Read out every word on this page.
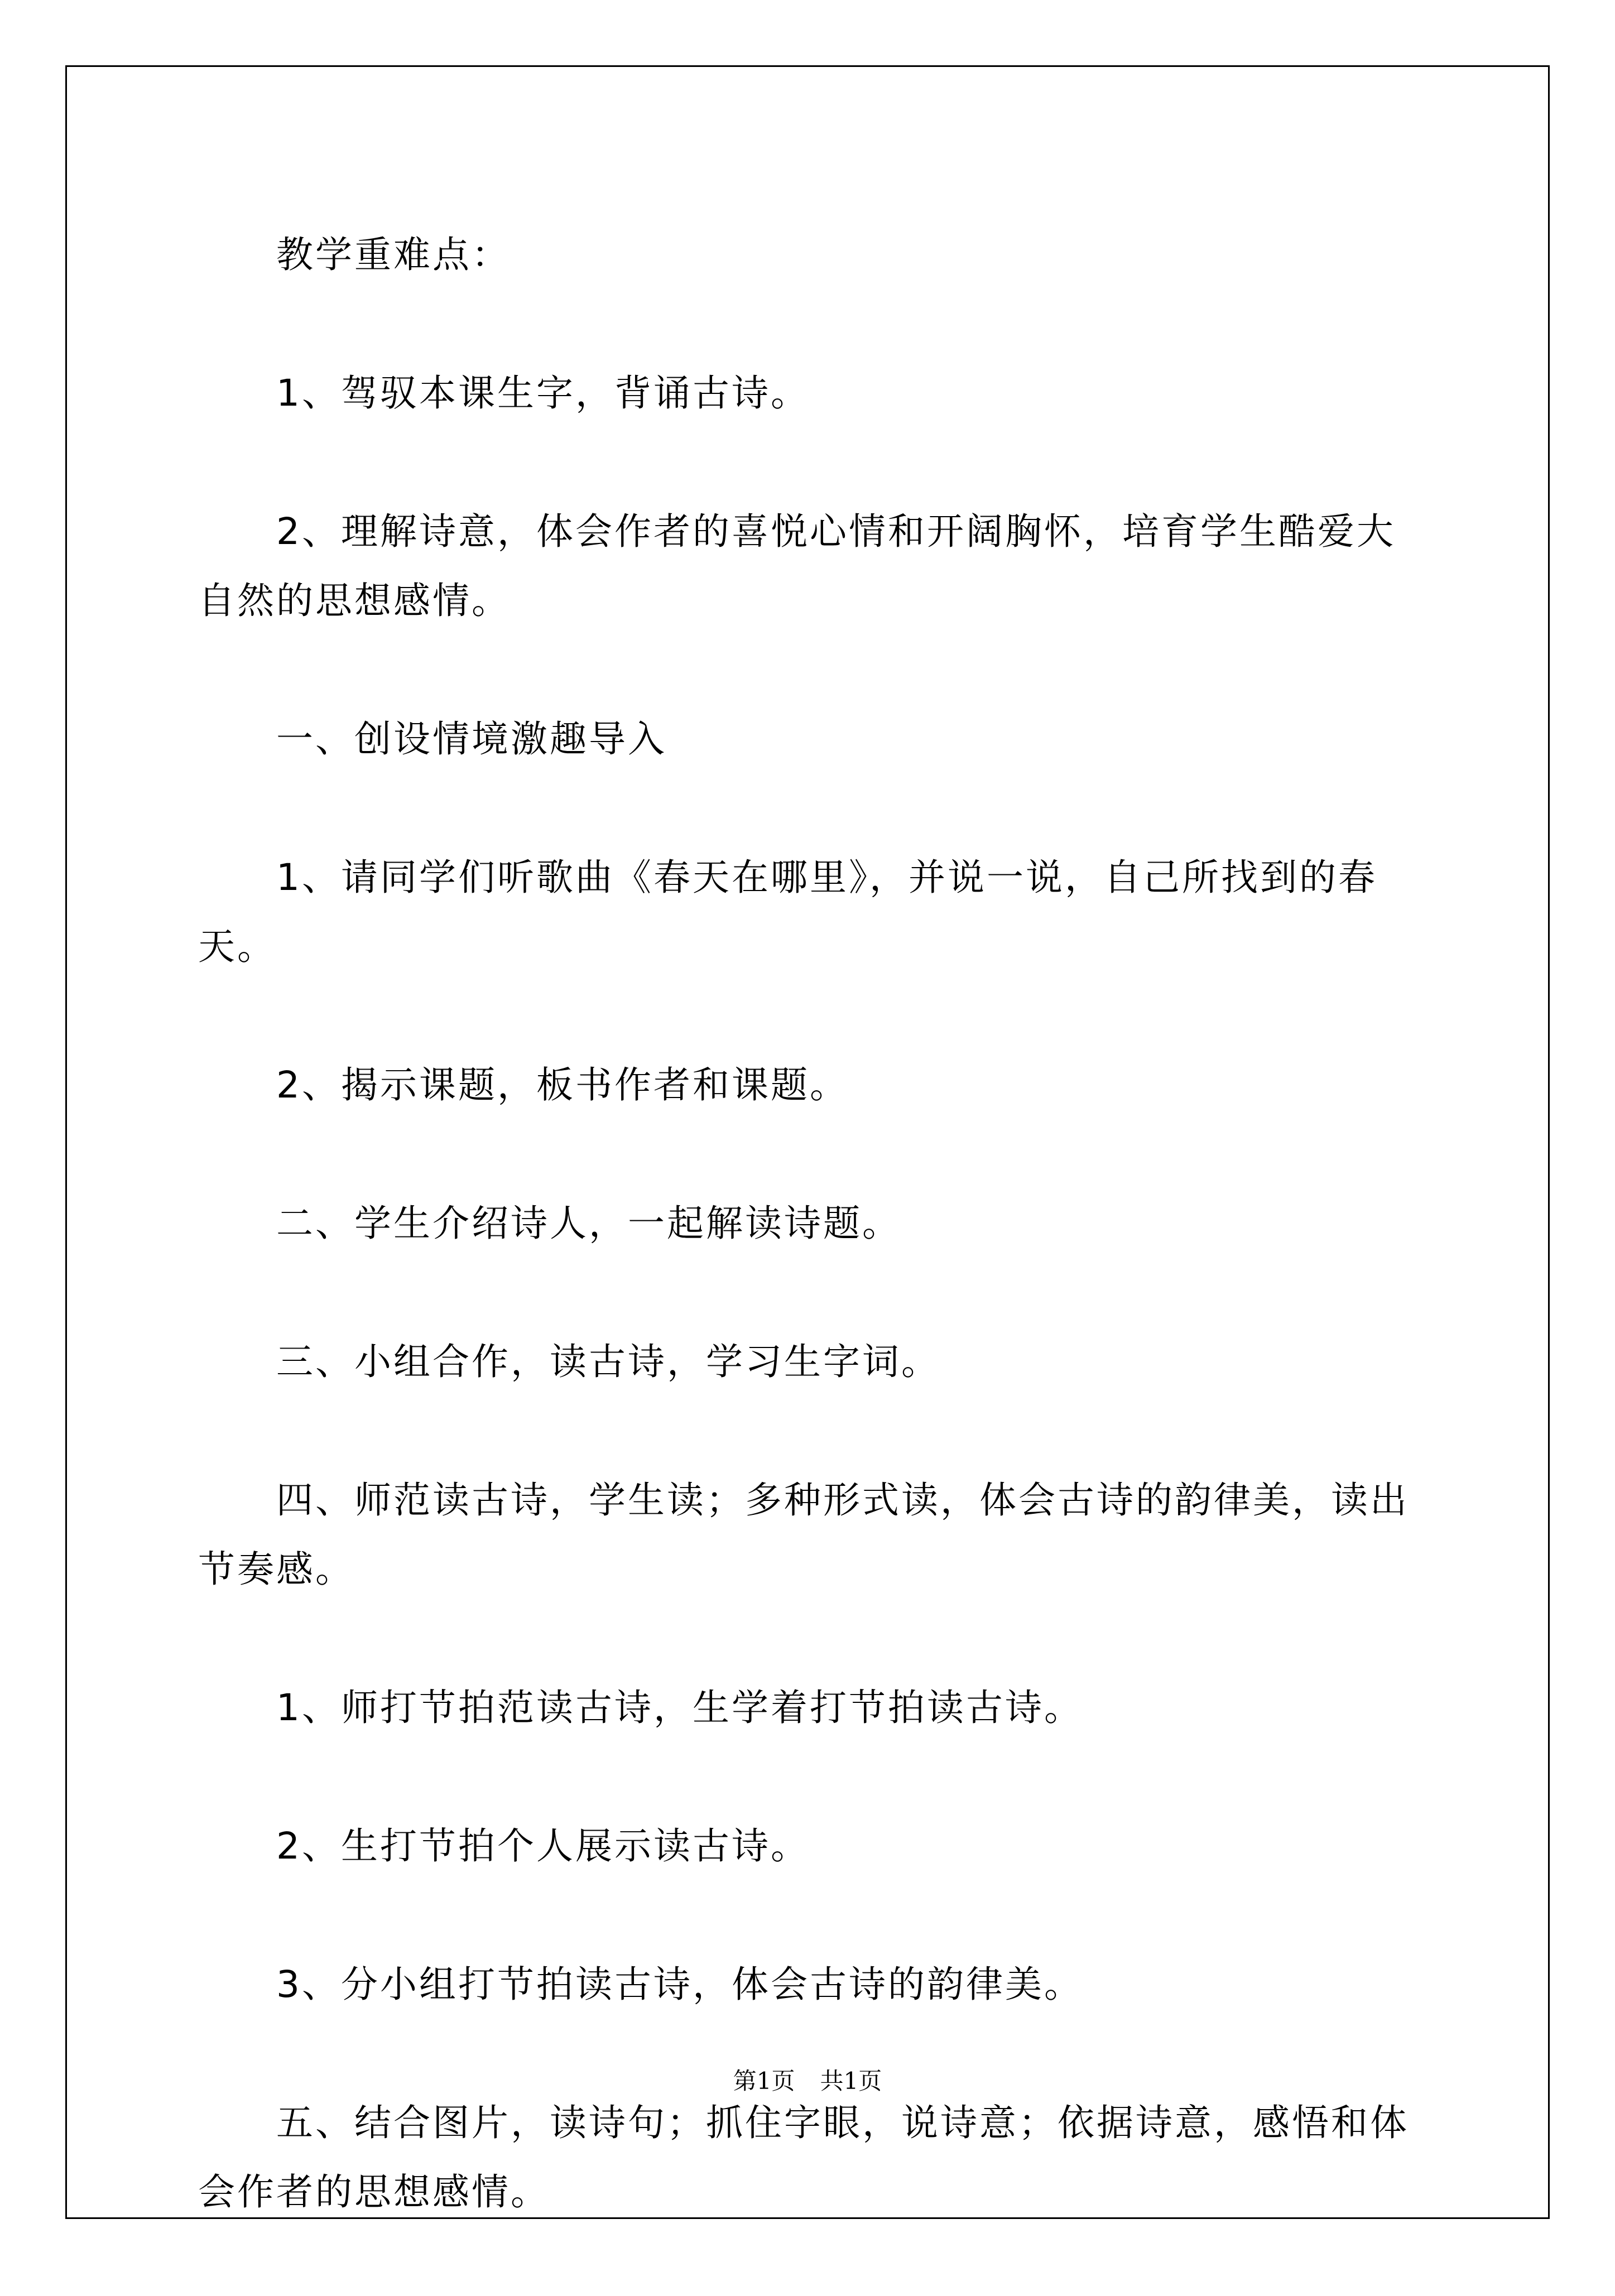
教学重难点：

1、驾驭本课生字，背诵古诗。

2、理解诗意，体会作者的喜悦心情和开阔胸怀，培育学生酷爱大自然的思想感情。

一、创设情境激趣导入

1、请同学们听歌曲《春天在哪里》，并说一说，自己所找到的春天。

2、揭示课题，板书作者和课题。

二、学生介绍诗人，一起解读诗题。

三、小组合作，读古诗，学习生字词。

四、师范读古诗，学生读；多种形式读，体会古诗的韵律美，读出节奏感。

1、师打节拍范读古诗，生学着打节拍读古诗。

2、生打节拍个人展示读古诗。

3、分小组打节拍读古诗，体会古诗的韵律美。

五、结合图片，读诗句；抓住字眼，说诗意；依据诗意，感悟和体会作者的思想感情。

第1页 共1页
